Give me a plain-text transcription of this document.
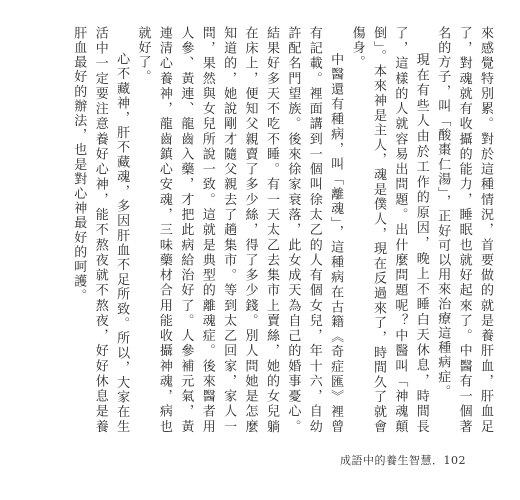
來感覺特別累。對於這種情況，首要做的就是養肝血，肝血足了，對魂就有收攝的能力，睡眠也就好起來了。中醫有一個著名的方子，叫「酸棗仁湯」，正好可以用來治療這種病症。

現在有些人由於工作的原因，晚上不睡白天休息，時間長了，這樣的人就容易出問題。出什麼問題呢？中醫叫「神魂顛倒」。本來神是主人，魂是僕人，現在反過來了，時間久了就會傷身。

中醫還有種病，叫「離魂」，這種病在古籍《奇症匯》裡曾有記載。裡面講到一個叫徐太乙的人有個女兒，年十六，自幼許配名門望族。後來徐家衰落，此女成天為自己的婚事憂心。結果好多天不吃不睡。有一天太乙去集市上賣絲，她的女兒躺在床上，便知父親賣了多少絲，得了多少錢。別人問她是怎麼知道的，她說剛才隨父親去了趟集市。等到太乙回家，家人一問，果然與女兒所說一致。這就是典型的離魂症。後來醫者用人參、黃連、龍齒入藥，才把此病給治好了。人參補元氣，黃連清心養神，龍齒鎮心安魂，三味藥材合用能收攝神魂，病也就好了。

心不藏神，肝不藏魂，多因肝血不足所致。所以，大家在生活中一定要注意養好心神，能不熬夜就不熬夜，好好休息是養肝血最好的辦法，也是對心神最好的呵護。

成語中的養生智慧．102
